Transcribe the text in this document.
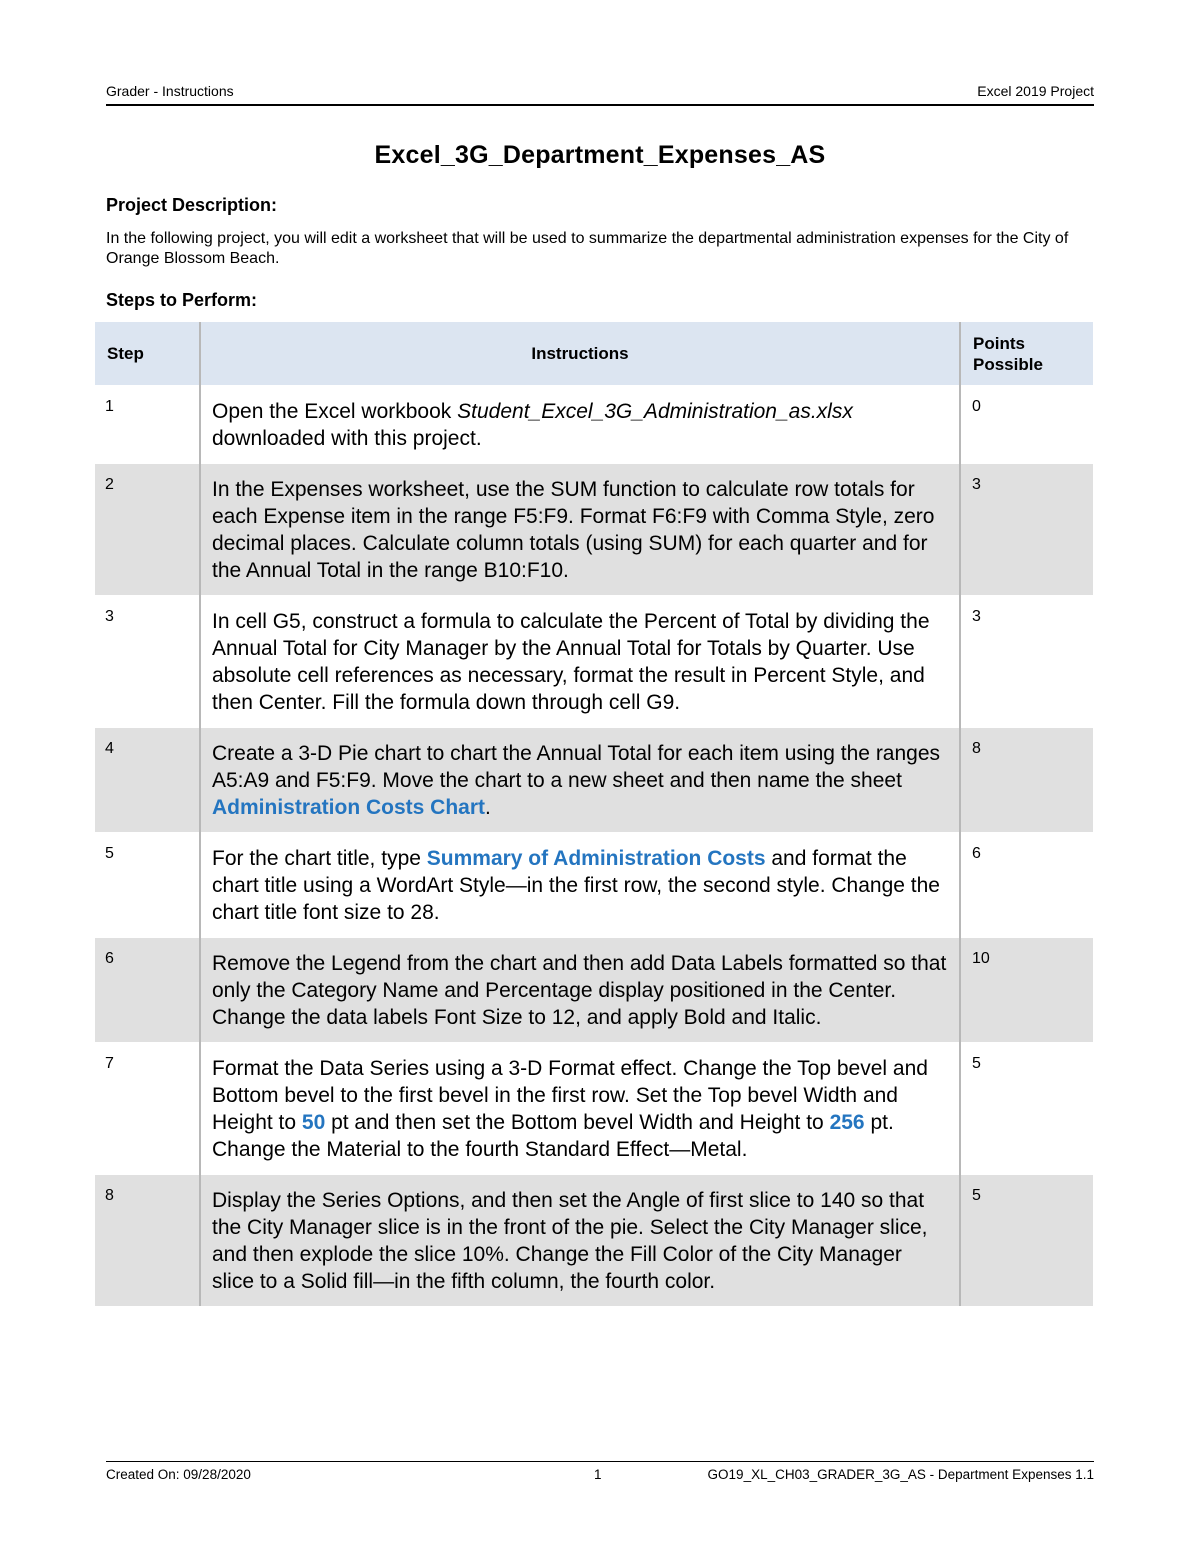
Grader - Instructions	Excel 2019 Project
Excel_3G_Department_Expenses_AS
Project Description:
In the following project, you will edit a worksheet that will be used to summarize the departmental administration expenses for the City of Orange Blossom Beach.
Steps to Perform:
Step	Instructions	Points Possible
1	Open the Excel workbook Student_Excel_3G_Administration_as.xlsx downloaded with this project.	0
2	In the Expenses worksheet, use the SUM function to calculate row totals for each Expense item in the range F5:F9. Format F6:F9 with Comma Style, zero decimal places. Calculate column totals (using SUM) for each quarter and for the Annual Total in the range B10:F10.	3
3	In cell G5, construct a formula to calculate the Percent of Total by dividing the Annual Total for City Manager by the Annual Total for Totals by Quarter. Use absolute cell references as necessary, format the result in Percent Style, and then Center. Fill the formula down through cell G9.	3
4	Create a 3-D Pie chart to chart the Annual Total for each item using the ranges A5:A9 and F5:F9. Move the chart to a new sheet and then name the sheet Administration Costs Chart.	8
5	For the chart title, type Summary of Administration Costs and format the chart title using a WordArt Style—in the first row, the second style. Change the chart title font size to 28.	6
6	Remove the Legend from the chart and then add Data Labels formatted so that only the Category Name and Percentage display positioned in the Center. Change the data labels Font Size to 12, and apply Bold and Italic.	10
7	Format the Data Series using a 3-D Format effect. Change the Top bevel and Bottom bevel to the first bevel in the first row. Set the Top bevel Width and Height to 50 pt and then set the Bottom bevel Width and Height to 256 pt. Change the Material to the fourth Standard Effect—Metal.	5
8	Display the Series Options, and then set the Angle of first slice to 140 so that the City Manager slice is in the front of the pie. Select the City Manager slice, and then explode the slice 10%. Change the Fill Color of the City Manager slice to a Solid fill—in the fifth column, the fourth color.	5
Created On: 09/28/2020	1	GO19_XL_CH03_GRADER_3G_AS - Department Expenses 1.1
